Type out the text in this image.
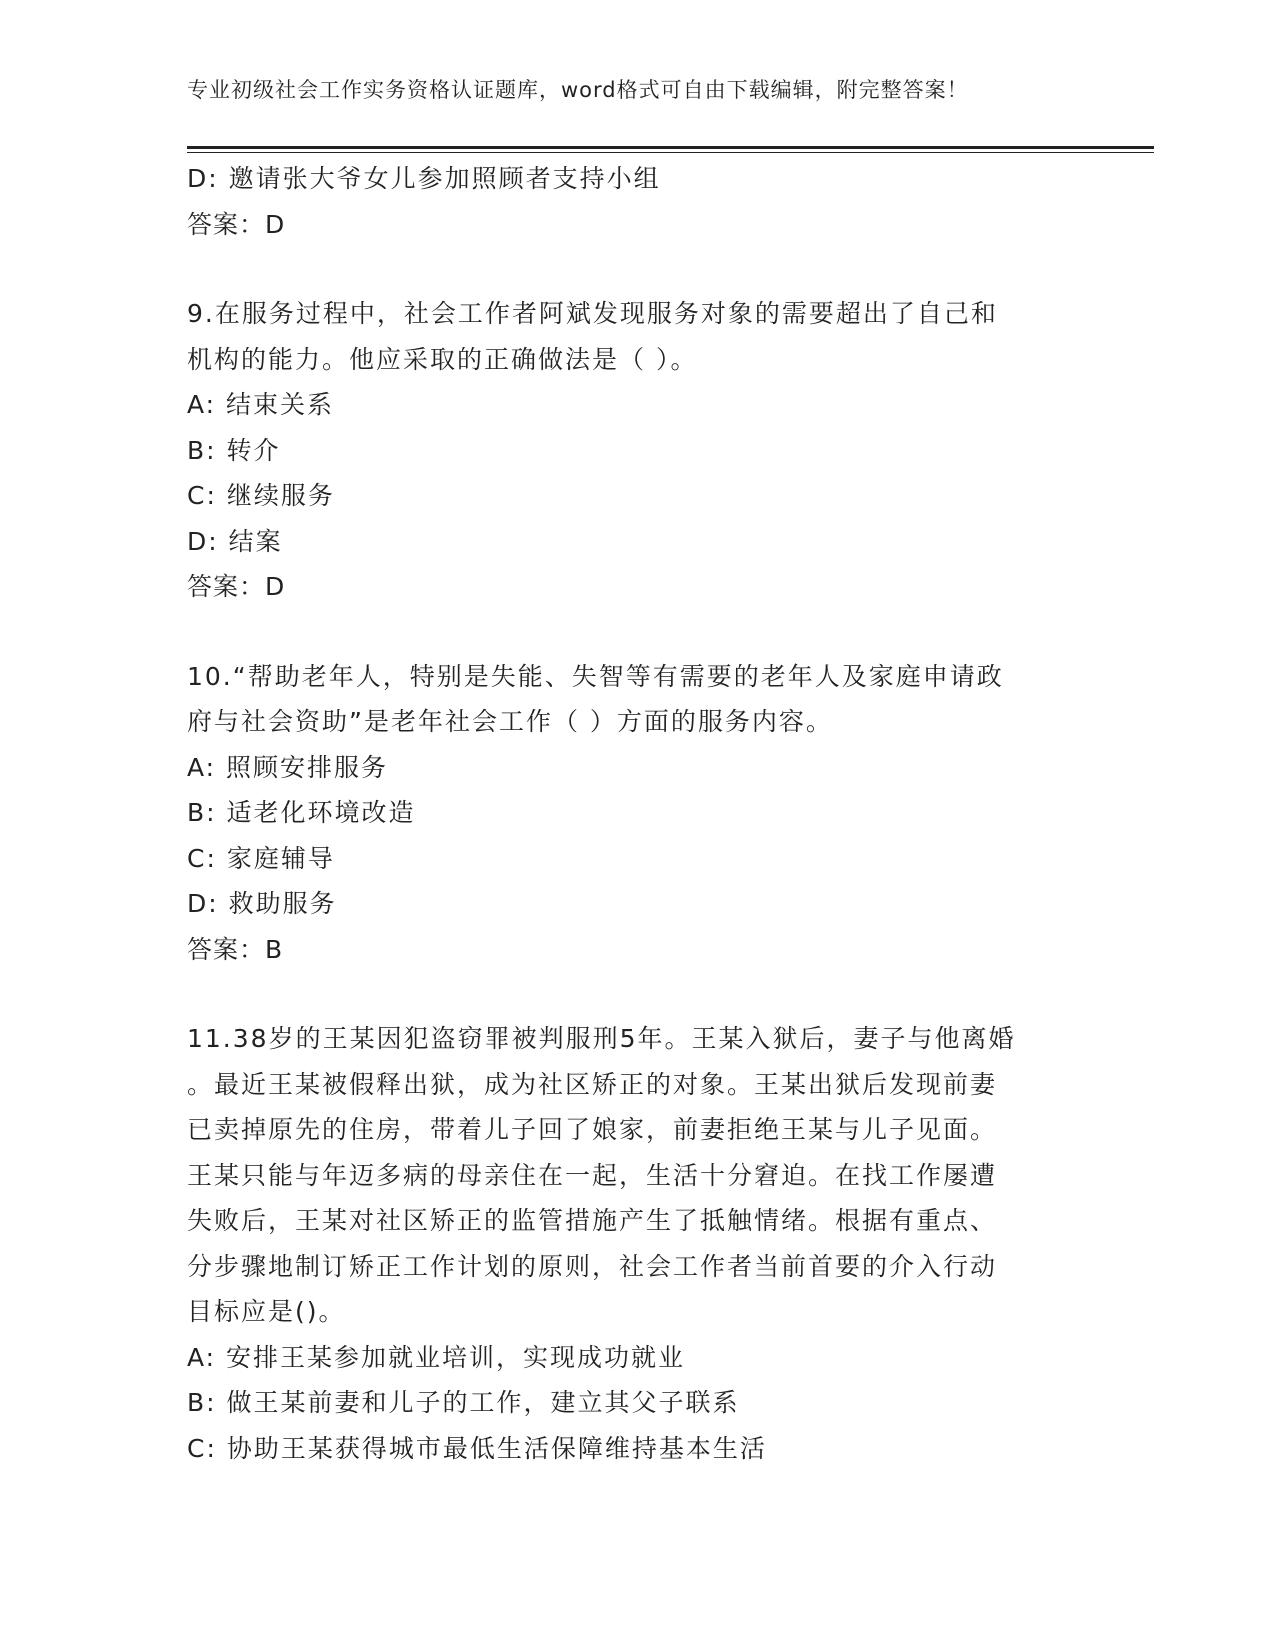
专业初级社会工作实务资格认证题库，word格式可自由下载编辑，附完整答案！
D: 邀请张大爷女儿参加照顾者支持小组
答案：D
9.在服务过程中，社会工作者阿斌发现服务对象的需要超出了自己和
机构的能力。他应采取的正确做法是（ ）。
A: 结束关系
B: 转介
C: 继续服务
D: 结案
答案：D
10.“帮助老年人，特别是失能、失智等有需要的老年人及家庭申请政
府与社会资助”是老年社会工作（ ）方面的服务内容。
A: 照顾安排服务
B: 适老化环境改造
C: 家庭辅导
D: 救助服务
答案：B
11.38岁的王某因犯盗窃罪被判服刑5年。王某入狱后，妻子与他离婚
。最近王某被假释出狱，成为社区矫正的对象。王某出狱后发现前妻
已卖掉原先的住房，带着儿子回了娘家，前妻拒绝王某与儿子见面。
王某只能与年迈多病的母亲住在一起，生活十分窘迫。在找工作屡遭
失败后，王某对社区矫正的监管措施产生了抵触情绪。根据有重点、
分步骤地制订矫正工作计划的原则，社会工作者当前首要的介入行动
目标应是()。
A: 安排王某参加就业培训，实现成功就业
B: 做王某前妻和儿子的工作，建立其父子联系
C: 协助王某获得城市最低生活保障维持基本生活
